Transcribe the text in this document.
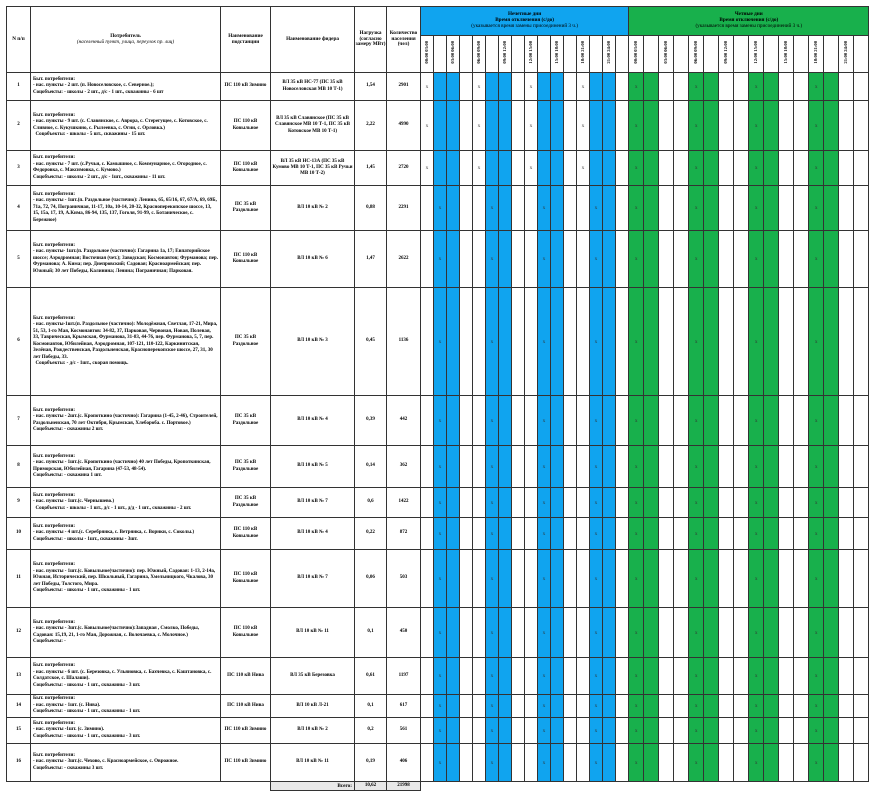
N п/п	Потребитель
(населенный пункт, улица, переулок пр. лиц)	Наименование подстанции	Наименование фидера	Нагрузка (согласно замеру МВт)	Количество населения (чел)	Нечетные дни
Время отключения (с/до)
(указывается время замены присоединений 3 ч.)																Четные дни
Время отключения (с/до)
(указывается время замены присоединений 3 ч.)															
						00:00 03:00		03:00 06:00		06:00 09:00		09:00 12:00		12:00 15:00		15:00 18:00		18:00 21:00		21:00 24:00		00:00 03:00		03:00 06:00		06:00 09:00		09:00 12:00		12:00 15:00		15:00 18:00		18:00 21:00		21:00 24:00	
1	Быт. потребители:
- нас. пункты - 2 шт. (п. Новоселовское, с. Северное.);
Соцобъекты: - школы - 2 шт., д/с - 1 шт., скважины - 6 шт	ПС 110 кВ Зимино	ВЛ 35 кВ НС-77 (ПС 35 кВ Новоселовская МВ 10 Т-1)	1,54	2901	x				x				x				x				x				x				x				x			
2	Быт. потребители:
- нас. пункты - 9 шт. (с. Славянское, с. Аврора, с. Стерегущее, с. Котовское, с. Сливное, с. Кукушкино, с. Рылеевка, с. Огни, с. Орловка.)
Соцобъекты: - школы - 5 шт., скважины - 15 шт.	ПС 110 кВ Ковыльное	ВЛ 35 кВ Славянское (ПС 35 кВ Славянское МВ 10 Т-1, ПС 35 кВ Котовское МВ 10 Т-1)	2,22	4990	x				x				x				x				x				x				x				x			
3	Быт. потребители:
- нас. пункты - 7 шт. (с.Ручьи, с. Камышное, с. Коммунарное, с. Огородное, с. Федоровка, с. Максимовка, с. Кумово.)
Соцобъекты: - школы - 2 шт., д/с - 1шт., скважины - 11 шт.	ПС 110 кВ Ковыльное	ВЛ 35 кВ НС-13А (ПС 35 кВ Кумово МВ 10 Т-1, ПС 35 кВ Ручьи МВ 10 Т-2)	1,45	2720	x				x				x				x				x				x				x				x			
4	Быт. потребители:
- нас. пункты - 1шт.(п. Раздольное (частично): Ленина, 65, 65/16, 67, 67/А, 69, 69Б, 71а, 72, 74, Пограничная, 11-17, 10а, 10-14, 20-32, Красноперекопское шоссе, 13, 15, 15а, 17, 19, А.Кима, 86-94, 135, 137, Гоголя, 91-99, с. Ботаническое, с. Бережное)	ПС 35 кВ Раздольное	ВЛ 10 кВ № 2	0,88	2291		x				x				x				x			x				x				x				x			
5	Быт. потребители:
- нас. пункты- 1шт.(п. Раздольное (частично): Гагарина 1а, 17; Евпаторийское шоссе; Аэродромная; Восточная (чет.); Заводская; Космонавтов; Фурманова; пер. Фурманова; А. Кима; пер. Днепровский; Садовая; Красноармейская; пер. Южный; 30 лет Победы, Калинина; Ленина; Пограничная; Парковая.	ПС 110 кВ Ковыльное	ВЛ 10 кВ № 6	1,47	2622		x				x				x				x			x				x				x				x			
6	Быт. потребители:
- нас. пункты-1шт.(п. Раздольное (частично): Молодёжная, Светлая, 17-21, Мира, 51, 53, 1-го Мая, Космонавтов: 34-82, 37, Парковая, Червоная, Новая, Полевая, 33, Таврическая, Крымская, Фурманова, 31-83, 44-76, пер. Фурманова, 5, 7, пер. Космонавтов, Юбилейная, Аэродромная, 107-121, 110-122, Каркинитская, Зелёная, Рождественская, Раздольненская, Красноперекопское шоссе, 27, 31, 30 лет Победы, 33.
Соцобъекты: - д/с - 1шт., скорая помощь.	ПС 35 кВ Раздольное	ВЛ 10 кВ № 3	0,45	1136		x				x				x				x			x				x				x				x			
7	Быт. потребители:
- нас. пункты - 2шт.(с. Кропоткино (частично): Гагарина (1-45, 2-46), Строителей, Раздольненская, 70 лет Октября, Крымская, Хлебороба. с. Портовое.)
Соцобъекты: - скважины 2 шт.	ПС 35 кВ Раздольное	ВЛ 10 кВ № 4	0,39	442		x				x				x				x			x				x				x				x			
8	Быт. потребители:
- нас. пункты - 1шт.(с. Кропоткино (частично) 40 лет Победы, Кропоткинская, Приморская, Юбилейная, Гагарина (47-53, 48-54).
Соцобъекты: - скважина 1 шт.	ПС 35 кВ Раздольное	ВЛ 10 кВ № 5	0,14	362		x				x				x				x			x				x				x				x			
9	Быт. потребители:
- нас. пункты - 1шт.(с. Чернышево.)
Соцобъекты: - школы - 1 шт., д/с - 1 шт., д/д - 1 шт., скважины - 2 шт.	ПС 35 кВ Раздольное	ВЛ 10 кВ № 7	0,6	1422		x				x				x				x			x				x				x				x			
10	Быт. потребители:
- нас. пункты - 4 шт.(с. Серебрянка, с. Ветрянка, с. Ворнки, с. Соколы.)
Соцобъекты: - школы - 1шт., скважины - 3шт.	ПС 110 кВ Ковыльное	ВЛ 10 кВ № 4	0,22	872		x				x				x				x			x				x				x				x			
11	Быт. потребители:
- нас. пункты - 1шт.(с. Ковыльное(частично): пер. Южный, Садовая: 1-13, 2-14а, Южная, Исторический, пер. Школьный, Гагарина, Хмельницкого, Чкалова, 30 лет Победы, Толстого, Мира.
Соцобъекты: - школы - 1 шт., скважины - 1 шт.	ПС 110 кВ Ковыльное	ВЛ 10 кВ № 7	0,06	503		x				x				x				x			x				x				x				x			
12	Быт. потребители:
- нас. пункты - 3шт.(с. Ковыльное(частично):Западная , Смолко, Победы, Садовая: 15,19, 21, 1-го Мая, Дорожная, с. Волочаевка, с. Молочное.)
Соцобъекты: -	ПС 110 кВ Ковыльное	ВЛ 10 кВ № 11	0,1	450		x				x				x				x			x				x				x				x			
13	Быт. потребители:
- нас. пункты - 6 шт. (с. Березовка, с. Ульяновка, с. Бахчевка, с. Каштановка, с. Солдатское, с. Шалаши).
Соцобъекты: - школы - 1 шт., скважины - 3 шт.	ПС 110 кВ Нива	ВЛ 35 кВ Березовка	0,61	1197		x				x				x				x			x				x				x				x			
14	Быт. потребители:
- нас. пункты - 1шт. (с. Нива).
Соцобъекты: - школы - 1 шт., скважины - 1 шт.	ПС 110 кВ Нива	ВЛ 10 кВ Л-21	0,1	617		x				x				x				x			x				x				x				x			
15	Быт. потребители:
- нас. пункты -1шт. (с. Зимино).
Соцобъекты: - школы - 1 шт., скважины - 3 шт.	ПС 110 кВ Зимино	ВЛ 10 кВ № 2	0,2	561		x				x				x				x			x				x				x				x			
16	Быт. потребители:
- нас. пункты - 3шт.(с. Чехово, с. Красноармейское, с. Оврожное.
Соцобъекты: - скважины 3 шт.	ПС 110 кВ Зимино	ВЛ 10 кВ № 11	0,19	406		x				x				x				x			x				x				x				x			
			Всего:	10,62	21998																																
